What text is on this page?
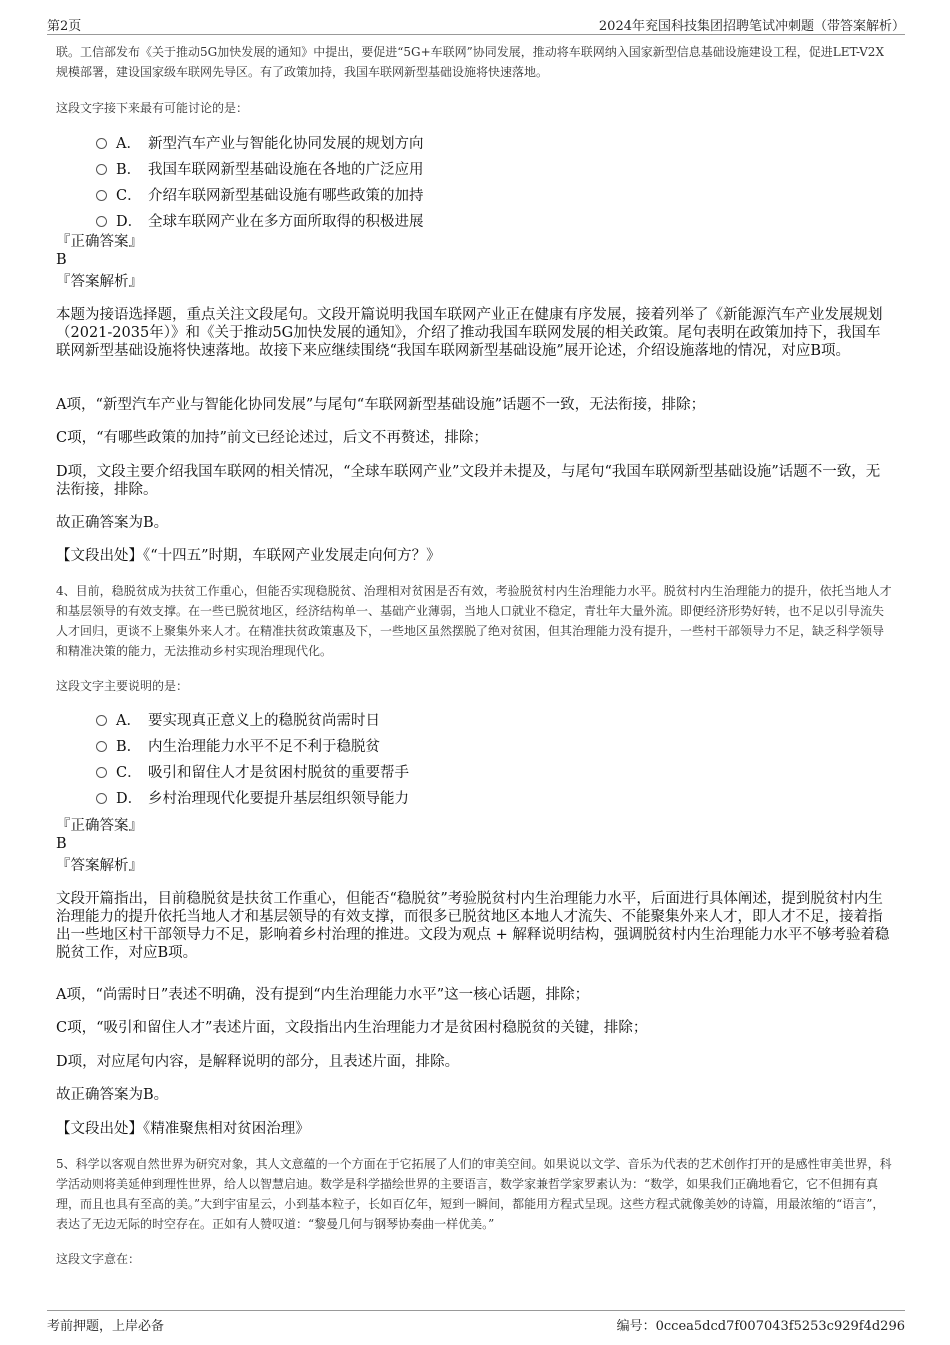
第2页	2024年兖国科技集团招聘笔试冲刺题（带答案解析）
联。工信部发布《关于推动5G加快发展的通知》中提出，要促进“5G+车联网”协同发展，推动将车联网纳入国家新型信息基础设施建设工程，促进LET-V2X规模部署，建设国家级车联网先导区。有了政策加持，我国车联网新型基础设施将快速落地。
这段文字接下来最有可能讨论的是：
A． 新型汽车产业与智能化协同发展的规划方向
B． 我国车联网新型基础设施在各地的广泛应用
C． 介绍车联网新型基础设施有哪些政策的加持
D． 全球车联网产业在多方面所取得的积极进展
『正确答案』
B
『答案解析』
本题为接语选择题，重点关注文段尾句。文段开篇说明我国车联网产业正在健康有序发展，接着列举了《新能源汽车产业发展规划（2021-2035年）》和《关于推动5G加快发展的通知》，介绍了推动我国车联网发展的相关政策。尾句表明在政策加持下，我国车联网新型基础设施将快速落地。故接下来应继续围绕“我国车联网新型基础设施”展开论述，介绍设施落地的情况，对应B项。
A项，“新型汽车产业与智能化协同发展”与尾句“车联网新型基础设施”话题不一致，无法衔接，排除；
C项，“有哪些政策的加持”前文已经论述过，后文不再赘述，排除；
D项，文段主要介绍我国车联网的相关情况，“全球车联网产业”文段并未提及，与尾句“我国车联网新型基础设施”话题不一致，无法衔接，排除。
故正确答案为B。
【文段出处】《“十四五”时期，车联网产业发展走向何方？》
4、目前，稳脱贫成为扶贫工作重心，但能否实现稳脱贫、治理相对贫困是否有效，考验脱贫村内生治理能力水平。脱贫村内生治理能力的提升，依托当地人才和基层领导的有效支撑。在一些已脱贫地区，经济结构单一、基础产业薄弱，当地人口就业不稳定，青壮年大量外流。即便经济形势好转，也不足以引导流失人才回归，更谈不上聚集外来人才。在精准扶贫政策惠及下，一些地区虽然摆脱了绝对贫困，但其治理能力没有提升，一些村干部领导力不足，缺乏科学领导和精准决策的能力，无法推动乡村实现治理现代化。
这段文字主要说明的是：
A． 要实现真正意义上的稳脱贫尚需时日
B． 内生治理能力水平不足不利于稳脱贫
C． 吸引和留住人才是贫困村脱贫的重要帮手
D． 乡村治理现代化要提升基层组织领导能力
『正确答案』
B
『答案解析』
文段开篇指出，目前稳脱贫是扶贫工作重心，但能否“稳脱贫”考验脱贫村内生治理能力水平，后面进行具体阐述，提到脱贫村内生治理能力的提升依托当地人才和基层领导的有效支撑，而很多已脱贫地区本地人才流失、不能聚集外来人才，即人才不足，接着指出一些地区村干部领导力不足，影响着乡村治理的推进。文段为观点 + 解释说明结构，强调脱贫村内生治理能力水平不够考验着稳脱贫工作，对应B项。
A项，“尚需时日”表述不明确，没有提到“内生治理能力水平”这一核心话题，排除；
C项，“吸引和留住人才”表述片面，文段指出内生治理能力才是贫困村稳脱贫的关键，排除；
D项，对应尾句内容，是解释说明的部分，且表述片面，排除。
故正确答案为B。
【文段出处】《精准聚焦相对贫困治理》
5、科学以客观自然世界为研究对象，其人文意蕴的一个方面在于它拓展了人们的审美空间。如果说以文学、音乐为代表的艺术创作打开的是感性审美世界，科学活动则将美延伸到理性世界，给人以智慧启迪。数学是科学描绘世界的主要语言，数学家兼哲学家罗素认为：“数学，如果我们正确地看它，它不但拥有真理，而且也具有至高的美。”大到宇宙星云，小到基本粒子，长如百亿年，短到一瞬间，都能用方程式呈现。这些方程式就像美妙的诗篇，用最浓缩的“语言”，表达了无边无际的时空存在。正如有人赞叹道：“黎曼几何与钢琴协奏曲一样优美。”
这段文字意在：
考前押题，上岸必备	编号：0ccea5dcd7f007043f5253c929f4d296
